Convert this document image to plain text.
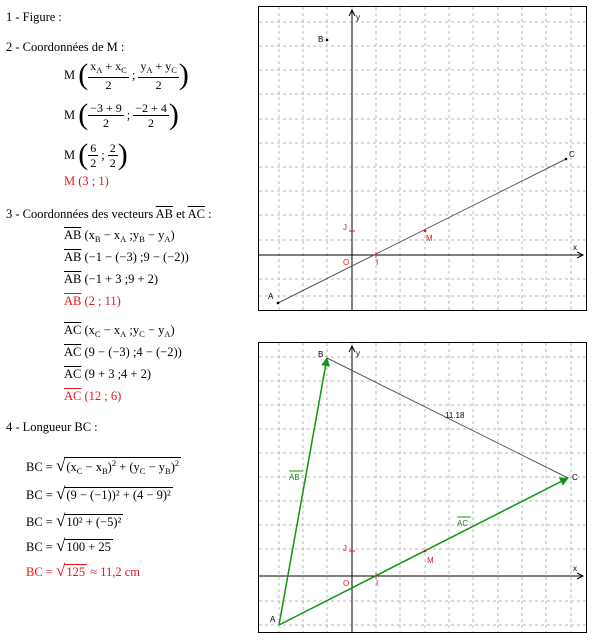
1 - Figure :
2 - Coordonnées de M :
M
( $\frac{x_A + x_C}{2}$ ; $\frac{y_A + y_C}{2}$ )
M
( $\frac{-3 + 9}{2}$ ; $\frac{-2 + 4}{2}$ )
M
( $\frac{6}{2}$ ; $\frac{2}{2}$ )
M (3 ; 1)
3 - Coordonnées des vecteurs $\overline{AB}$ et $\overline{AC}$ :
$\overline{AB}$ ($x_B - x_A$ $;y_B - y_A$)
$\overline{AB}$ (−1 − (−3) ;9 − (−2))
$\overline{AB}$ (−1 + 3 ;9 + 2)
$\overline{AB}$ (2 ; 11)
$\overline{AC}$ ($x_C - x_A$ $;y_C - y_A$)
$\overline{AC}$ (9 − (−3) ;4 − (−2))
$\overline{AC}$ (9 + 3 ;4 + 2)
$\overline{AC}$ (12 ; 6)
4 - Longueur BC :
BC = $√(x_C - x_B)^2 + (y_C - y_B)^2$
BC = √(9 − (−1))² + (4 − 9)²
BC = √10² + (−5)²
BC = √100 + 25
BC = √125 ≈ 11,2 cm
x
y
A
B
C
M
O	I
J
x
y
A
B
C
M
O	I
J
11.18
AB
AC
